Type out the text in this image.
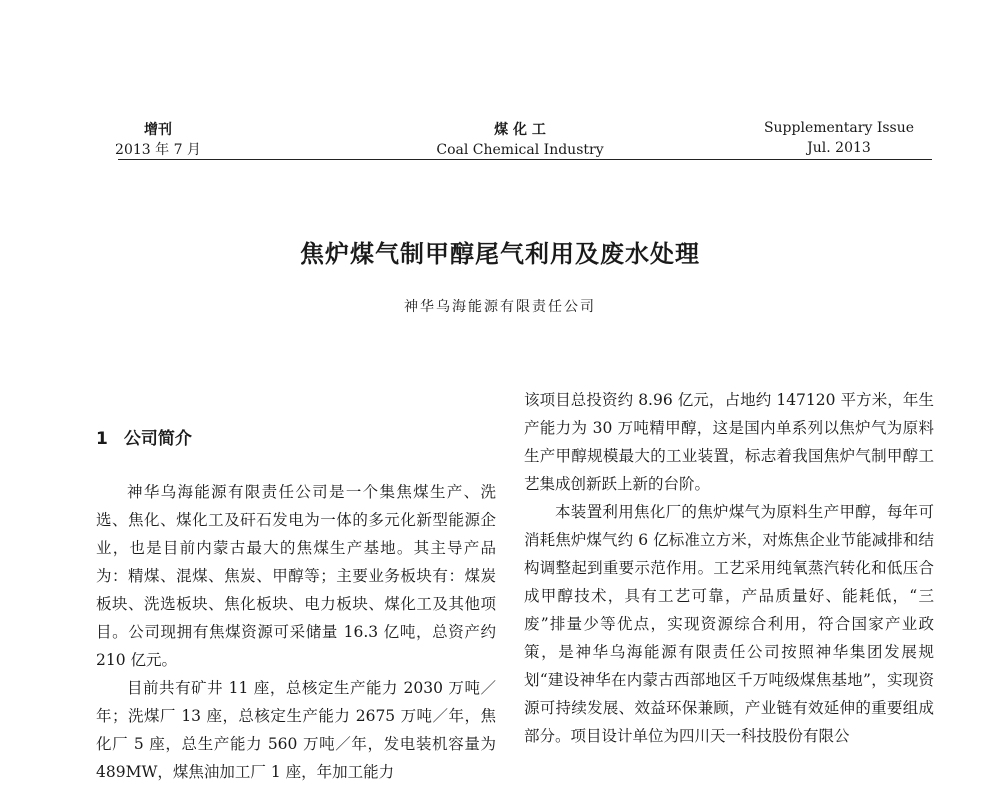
增刊
2013 年 7 月
煤 化 工
Coal Chemical Industry
Supplementary Issue
Jul. 2013
焦炉煤气制甲醇尾气利用及废水处理
神华乌海能源有限责任公司
1 公司简介

神华乌海能源有限责任公司是一个集焦煤生产、洗选、焦化、煤化工及矸石发电为一体的多元化新型能源企业，也是目前内蒙古最大的焦煤生产基地。其主导产品为：精煤、混煤、焦炭、甲醇等；主要业务板块有：煤炭板块、洗选板块、焦化板块、电力板块、煤化工及其他项目。公司现拥有焦煤资源可采储量 16.3 亿吨，总资产约 210 亿元。

目前共有矿井 11 座，总核定生产能力 2030 万吨／年；洗煤厂 13 座，总核定生产能力 2675 万吨／年，焦化厂 5 座，总生产能力 560 万吨／年，发电装机容量为 489MW，煤焦油加工厂 1 座，年加工能力

该项目总投资约 8.96 亿元，占地约 147120 平方米，年生产能力为 30 万吨精甲醇，这是国内单系列以焦炉气为原料生产甲醇规模最大的工业装置，标志着我国焦炉气制甲醇工艺集成创新跃上新的台阶。

本装置利用焦化厂的焦炉煤气为原料生产甲醇，每年可消耗焦炉煤气约 6 亿标准立方米，对炼焦企业节能减排和结构调整起到重要示范作用。工艺采用纯氧蒸汽转化和低压合成甲醇技术，具有工艺可靠，产品质量好、能耗低，“三废”排量少等优点，实现资源综合利用，符合国家产业政策，是神华乌海能源有限责任公司按照神华集团发展规划“建设神华在内蒙古西部地区千万吨级煤焦基地”，实现资源可持续发展、效益环保兼顾，产业链有效延伸的重要组成部分。项目设计单位为四川天一科技股份有限公
